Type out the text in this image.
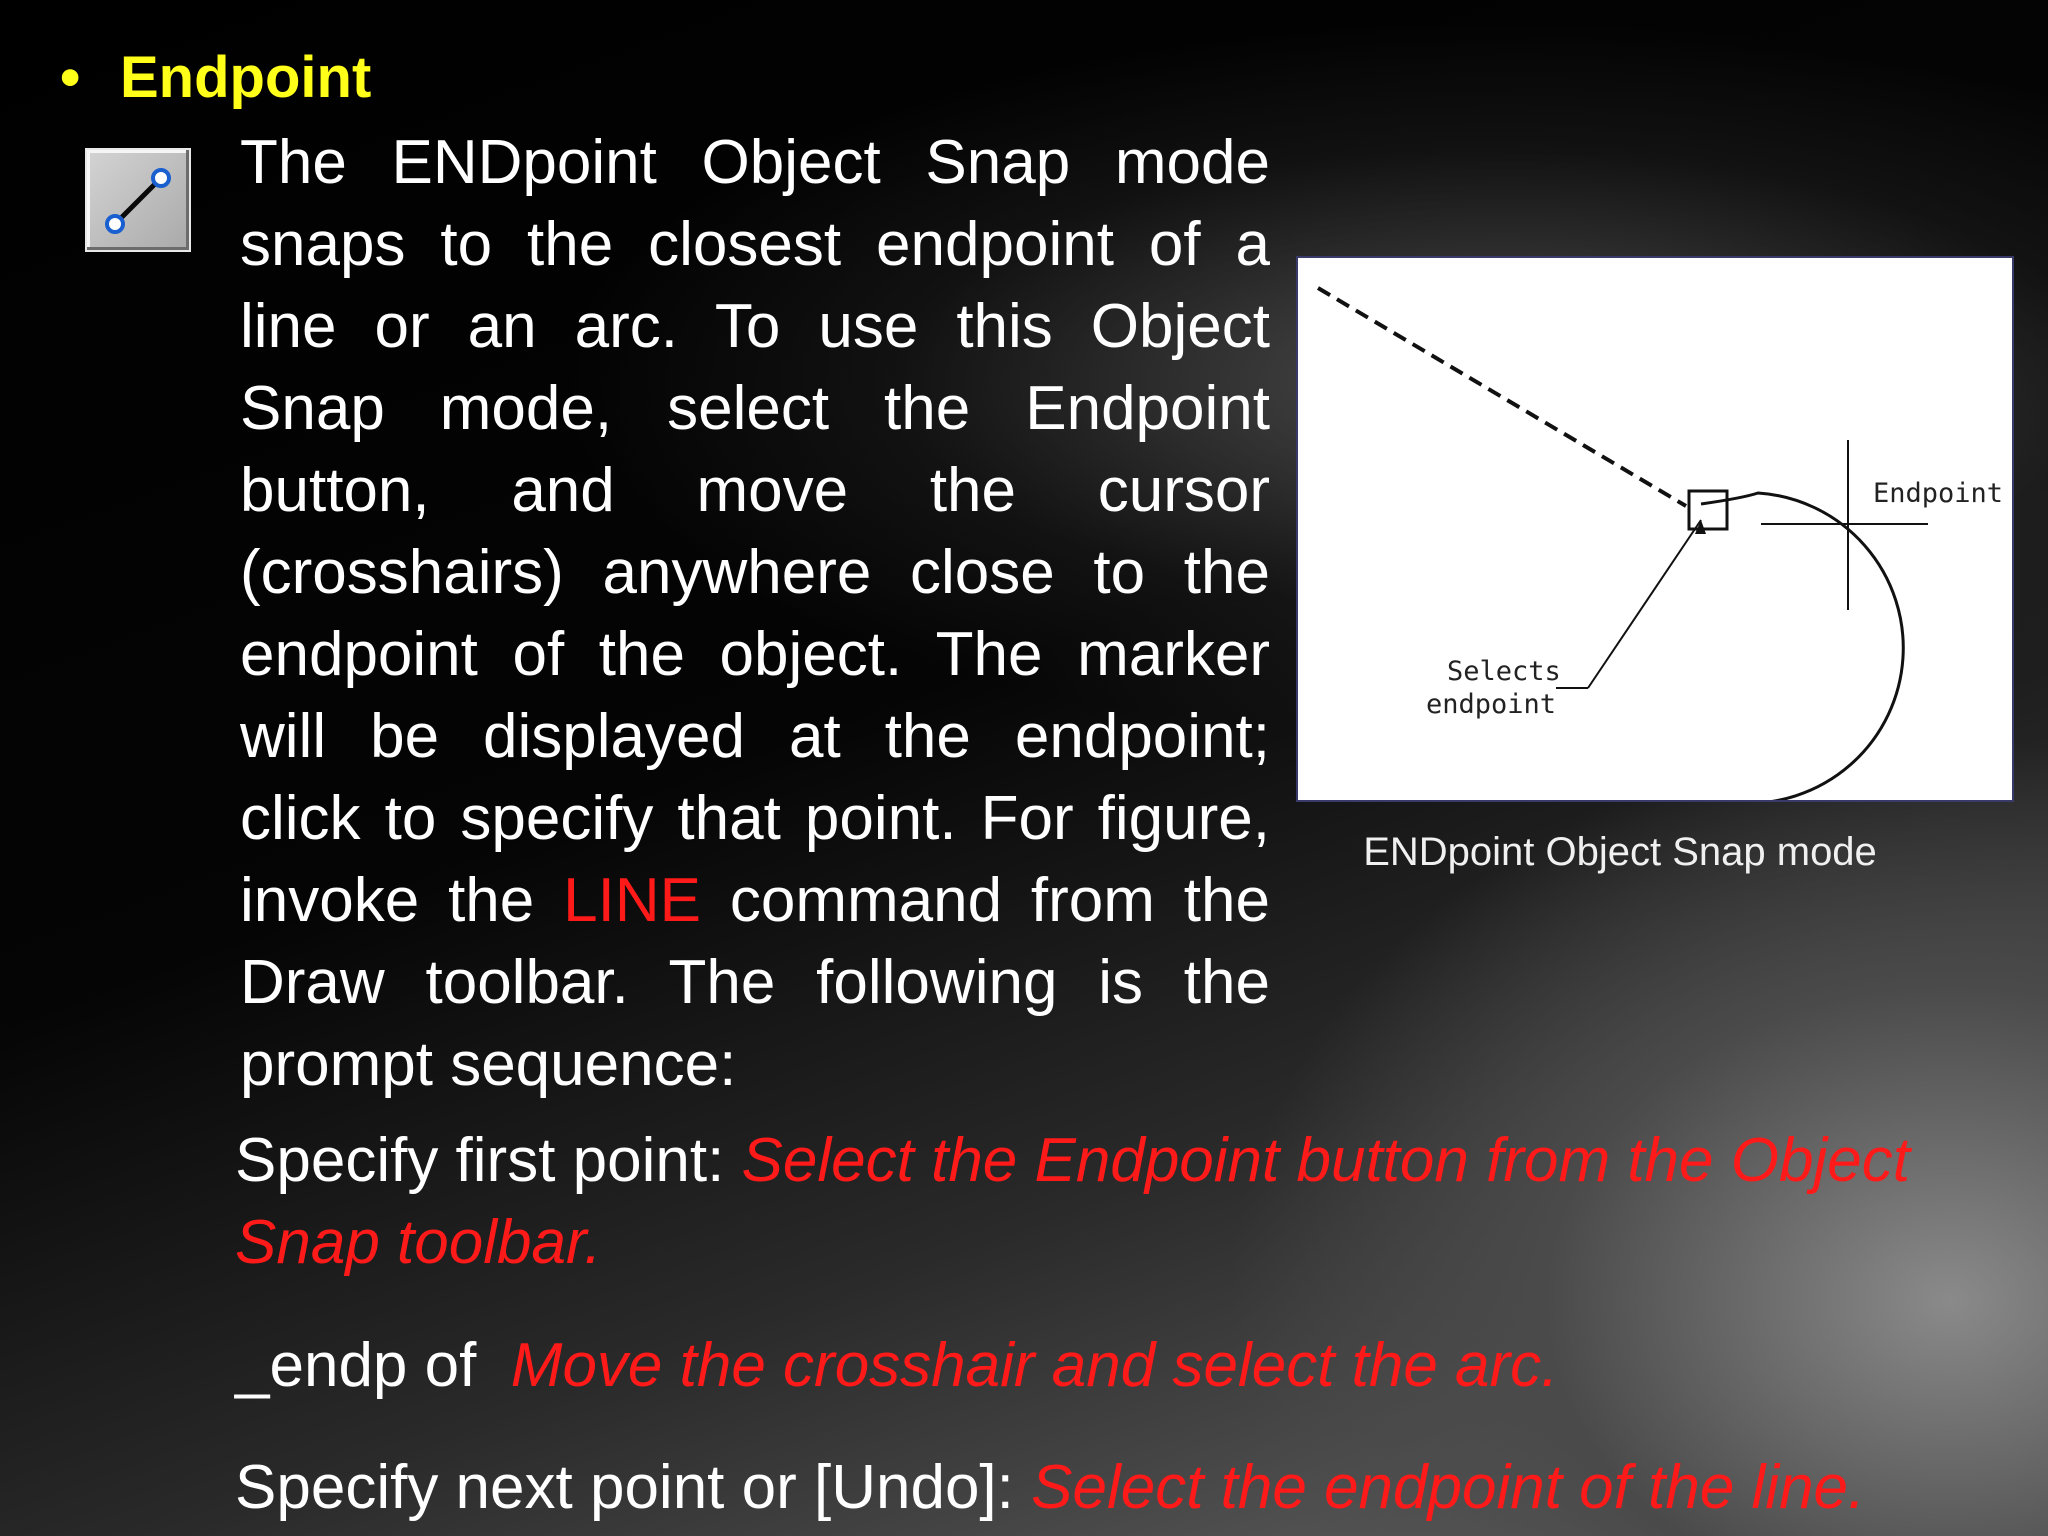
• Endpoint
The ENDpoint Object Snap mode snaps to the closest endpoint of a line or an arc. To use this Object Snap mode, select the Endpoint button, and move the cursor (crosshairs) anywhere close to the endpoint of the object. The marker will be displayed at the endpoint; click to specify that point. For figure, invoke the LINE command from the Draw toolbar. The following is the prompt sequence:
Endpoint
Selects
endpoint
ENDpoint Object Snap mode
Specify first point: Select the Endpoint button from the Object Snap toolbar.
_endp of  Move the crosshair and select the arc.
Specify next point or [Undo]: Select the endpoint of the line.
